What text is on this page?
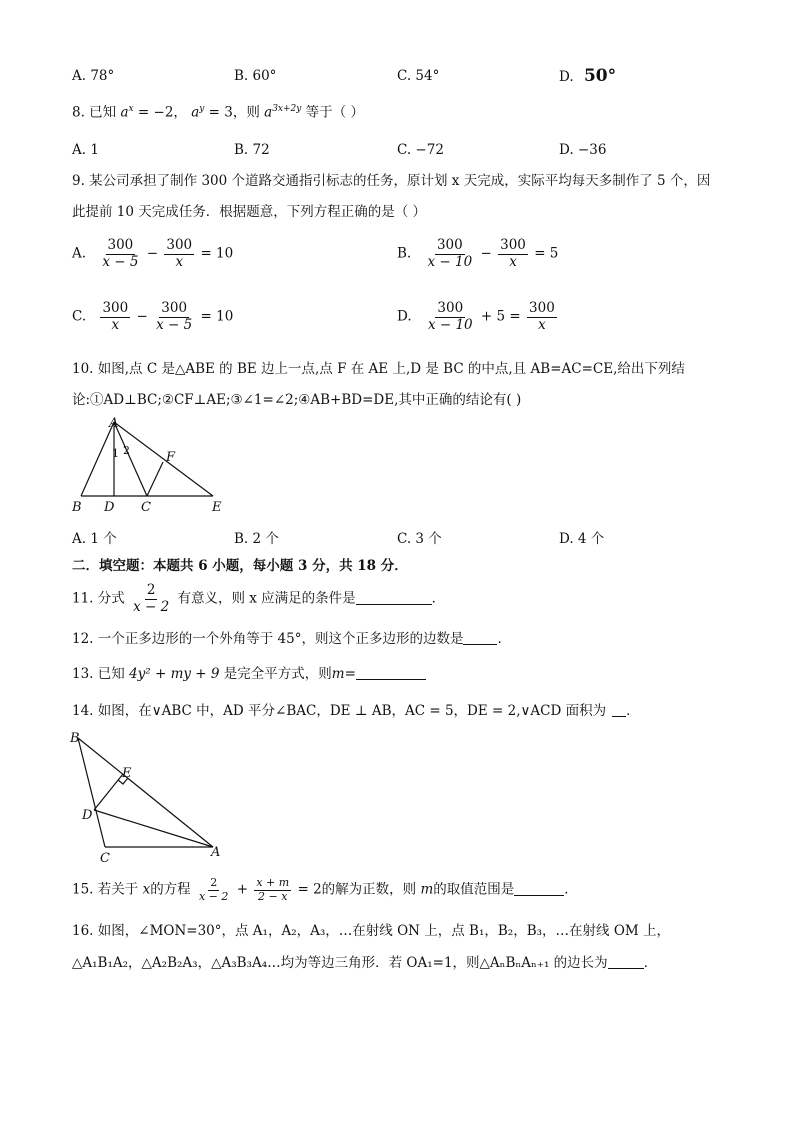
A. 78°	B. 60°	C. 54°	D. 50°
8. 已知 $a^x = -2$， $a^y = 3$，则 $a^{3x+2y}$ 等于（ ）
A. 1	B. 72	C. −72	D. −36
9. 某公司承担了制作 300 个道路交通指引标志的任务，原计划 x 天完成，实际平均每天多制作了 5 个，因
此提前 10 天完成任务．根据题意，下列方程正确的是（ ）
A. $\frac{300}{x - 5} - \frac{300}{x} = 10$	B. $\frac{300}{x - 10} - \frac{300}{x} = 5$
C. $\frac{300}{x} - \frac{300}{x - 5} = 10$	D. $\frac{300}{x - 10} + 5 = \frac{300}{x}$
10. 如图,点 C 是△ABE 的 BE 边上一点,点 F 在 AE 上,D 是 BC 的中点,且 AB=AC=CE,给出下列结
论:①AD⊥BC;②CF⊥AE;③∠1=∠2;④AB+BD=DE,其中正确的结论有( )
A
1 2	F
B D C	E
A. 1 个	B. 2 个	C. 3 个	D. 4 个
二．填空题：本题共 6 小题，每小题 3 分，共 18 分．
11. 分式 $\frac{2}{x - 2}$ 有意义，则 x 应满足的条件是	．
12. 一个正多边形的一个外角等于 45°，则这个正多边形的边数是	．
13. 已知 4y² + my + 9 是完全平方式，则m=
14. 如图，在∨ABC 中，AD 平分∠BAC，DE ⊥ AB，AC = 5，DE = 2,∨ACD 面积为 ．
B
E
D
C	A
15. 若关于 x的方程 $\frac{2}{x - 2} + \frac{x + m}{2 - x} = 2$的解为正数，则 m的取值范围是	．
16. 如图，∠MON=30°，点 A₁，A₂，A₃，…在射线 ON 上，点 B₁，B₂，B₃，…在射线 OM 上，
△A₁B₁A₂，△A₂B₂A₃，△A₃B₃A₄…均为等边三角形．若 OA₁=1，则△AₙBₙAₙ₊₁ 的边长为	．
